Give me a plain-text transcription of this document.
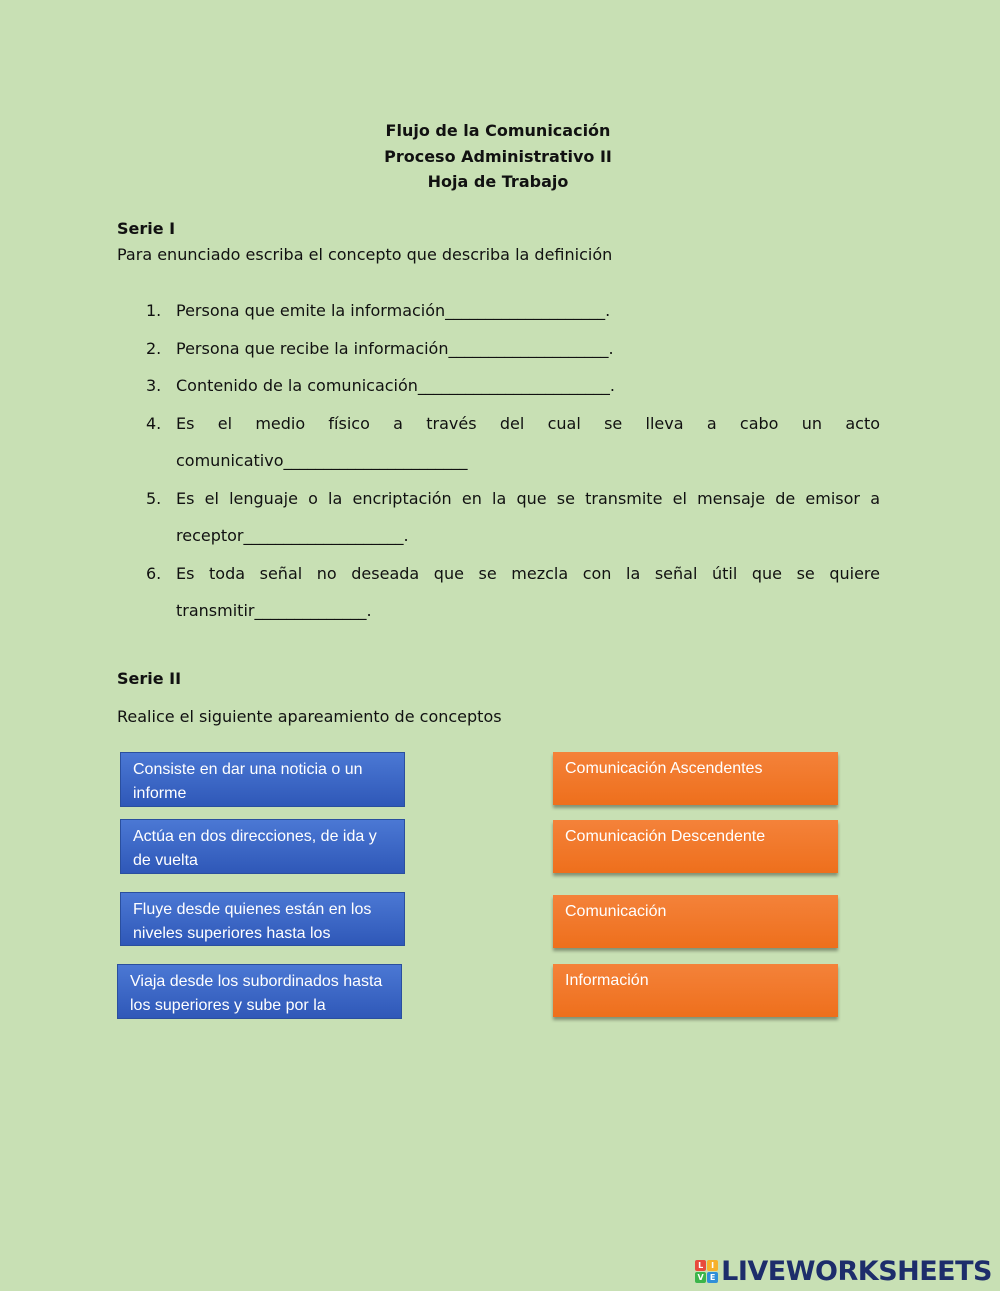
Flujo de la Comunicación
Proceso Administrativo II
Hoja de Trabajo
Serie I
Para enunciado escriba el concepto que describa la definición
1. Persona que emite la información____________________.
2. Persona que recibe la información____________________.
3. Contenido de la comunicación________________________.
4. Es el medio físico a través del cual se lleva a cabo un acto comunicativo_______________________
5. Es el lenguaje o la encriptación en la que se transmite el mensaje de emisor a receptor____________________.
6. Es toda señal no deseada que se mezcla con la señal útil que se quiere transmitir______________.
Serie II
Realice el siguiente apareamiento de conceptos
Consiste en dar una noticia o un informe
Actúa en dos direcciones, de ida y de vuelta
Fluye desde quienes están en los niveles superiores hasta los
Viaja desde los subordinados hasta los superiores y sube por la
Comunicación Ascendentes
Comunicación Descendente
Comunicación
Información
L I
V E LIVEWORKSHEETS
